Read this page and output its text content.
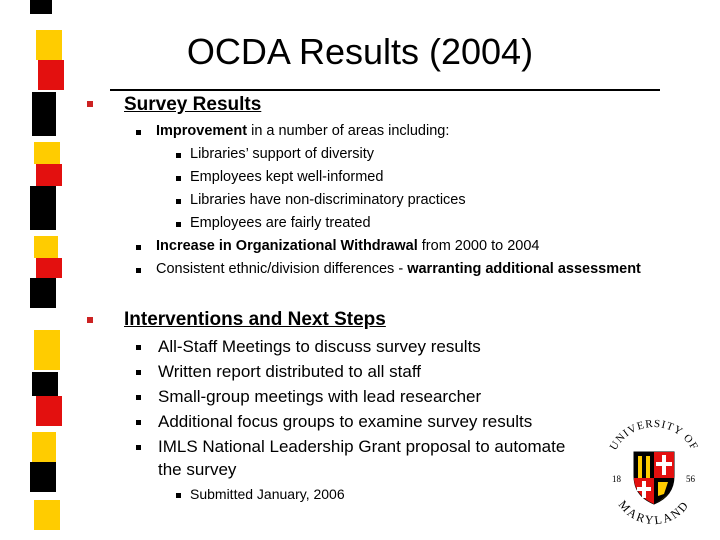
OCDA Results (2004)
Survey Results
Improvement in a number of areas including:
Libraries’ support of diversity
Employees kept well-informed
Libraries have non-discriminatory practices
Employees are fairly treated
Increase in Organizational Withdrawal from 2000 to 2004
Consistent ethnic/division differences - warranting additional assessment
Interventions and Next Steps
All-Staff Meetings to discuss survey results
Written report distributed to all staff
Small-group meetings with lead researcher
Additional focus groups to examine survey results
IMLS National Leadership Grant proposal to automate
the survey
Submitted January, 2006
UNIVERSITY OF
MARYLAND
18	56
